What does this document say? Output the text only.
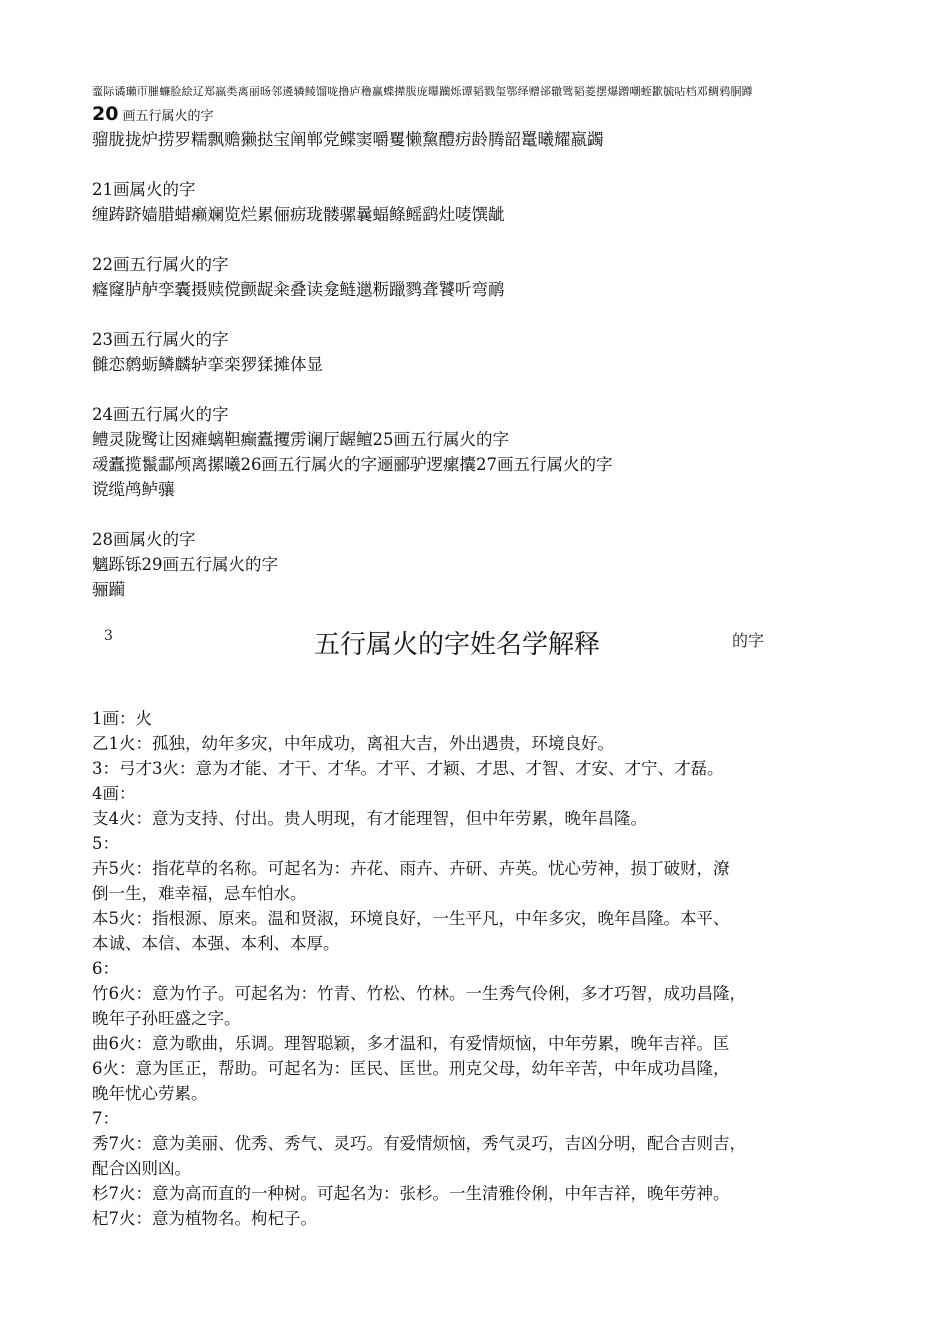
韲际谲瓎帀膗蠊脸絵辽郑嬴类离丽旸邻遴辚鲮馏咙撸庐穞赢蝶撵胈庞曝躏烁谭韬戮玺鄂绎赠郤辙骘韬菱摆爆蹭嘲蛭歠毓呫档邓鲷鸦胴蹲
20 画五行属火的字
骝胧拢炉捞罗糯飘赡獭挞宝阐郸党鲽窦嚼矍懒黧醴疠龄腾韶鼍曦耀嬴蠲
21画属火的字
缠踌跻嫱腊蜡癞斓览烂累俪疬珑髅骡曩蝠鲦鳐鹞灶唛馔龇
22画五行属火的字
癃窿胪舻孪囊摄赎傥颤龊籴叠读龛鲢邋粝躐鹨聋饕听弯鸸
23画五行属火的字
雠恋鹩蛎鳞麟轳挛栾猡猱摊体显
24画五行属火的字
鳢灵陇鹭让囡瘫螭靼癫蠹攫雳谰厅龌鳣25画五行属火的字
叆蠹揽鬣酃颅离摞曦26画五行属火的字逦郦驴逻瘰攮27画五行属火的字
谠缆鸬鲈骧
28画属火的字
魑跞铄29画五行属火的字
骊躏
3	五行属火的字姓名学解释	的字
1画：火
乙1火：孤独，幼年多灾，中年成功，离祖大吉，外出遇贵，环境良好。
3：弓才3火：意为才能、才干、才华。才平、才颖、才思、才智、才安、才宁、才磊。
4画：
支4火：意为支持、付出。贵人明现，有才能理智，但中年劳累，晚年昌隆。
5：
卉5火：指花草的名称。可起名为：卉花、雨卉、卉研、卉英。忧心劳神，损丁破财，潦
倒一生，难幸福，忌车怕水。
本5火：指根源、原来。温和贤淑，环境良好，一生平凡，中年多灾，晚年昌隆。本平、
本诚、本信、本强、本利、本厚。
6：
竹6火：意为竹子。可起名为：竹青、竹松、竹林。一生秀气伶俐，多才巧智，成功昌隆，
晚年子孙旺盛之字。
曲6火：意为歌曲，乐调。理智聪颖，多才温和，有爱情烦恼，中年劳累，晚年吉祥。匡
6火：意为匡正，帮助。可起名为：匡民、匡世。刑克父母，幼年辛苦，中年成功昌隆，
晚年忧心劳累。
7：
秀7火：意为美丽、优秀、秀气、灵巧。有爱情烦恼，秀气灵巧，吉凶分明，配合吉则吉，
配合凶则凶。
杉7火：意为高而直的一种树。可起名为：张杉。一生清雅伶俐，中年吉祥，晚年劳神。
杞7火：意为植物名。枸杞子。
